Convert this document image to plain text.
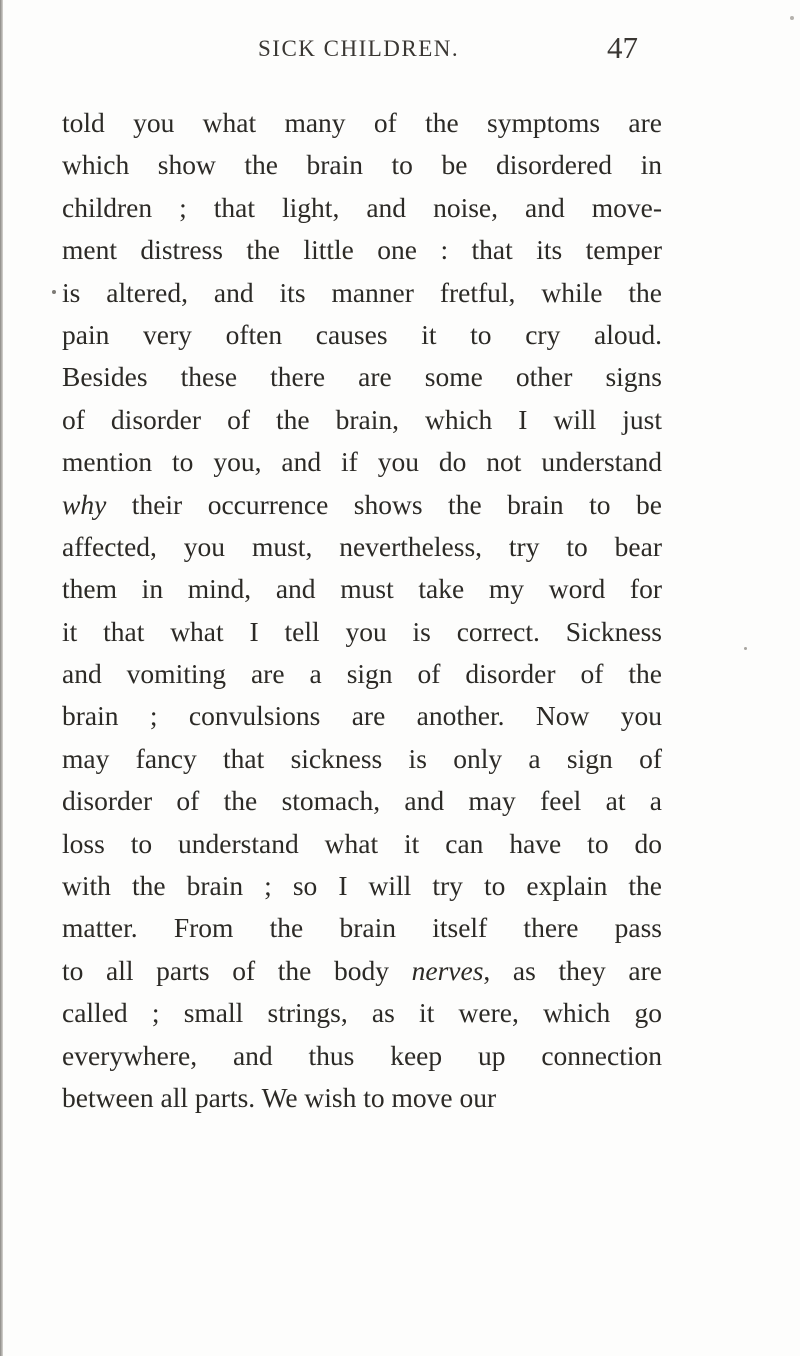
SICK CHILDREN.	47
told you what many of the symptoms are
which show the brain to be disordered in
children ; that light, and noise, and move-
ment distress the little one : that its temper
is altered, and its manner fretful, while the
pain very often causes it to cry aloud.
Besides these there are some other signs
of disorder of the brain, which I will just
mention to you, and if you do not understand
why their occurrence shows the brain to be
affected, you must, nevertheless, try to bear
them in mind, and must take my word for
it that what I tell you is correct. Sickness
and vomiting are a sign of disorder of the
brain ; convulsions are another. Now you
may fancy that sickness is only a sign of
disorder of the stomach, and may feel at a
loss to understand what it can have to do
with the brain ; so I will try to explain the
matter. From the brain itself there pass
to all parts of the body nerves, as they are
called ; small strings, as it were, which go
everywhere, and thus keep up connection
between all parts. We wish to move our
